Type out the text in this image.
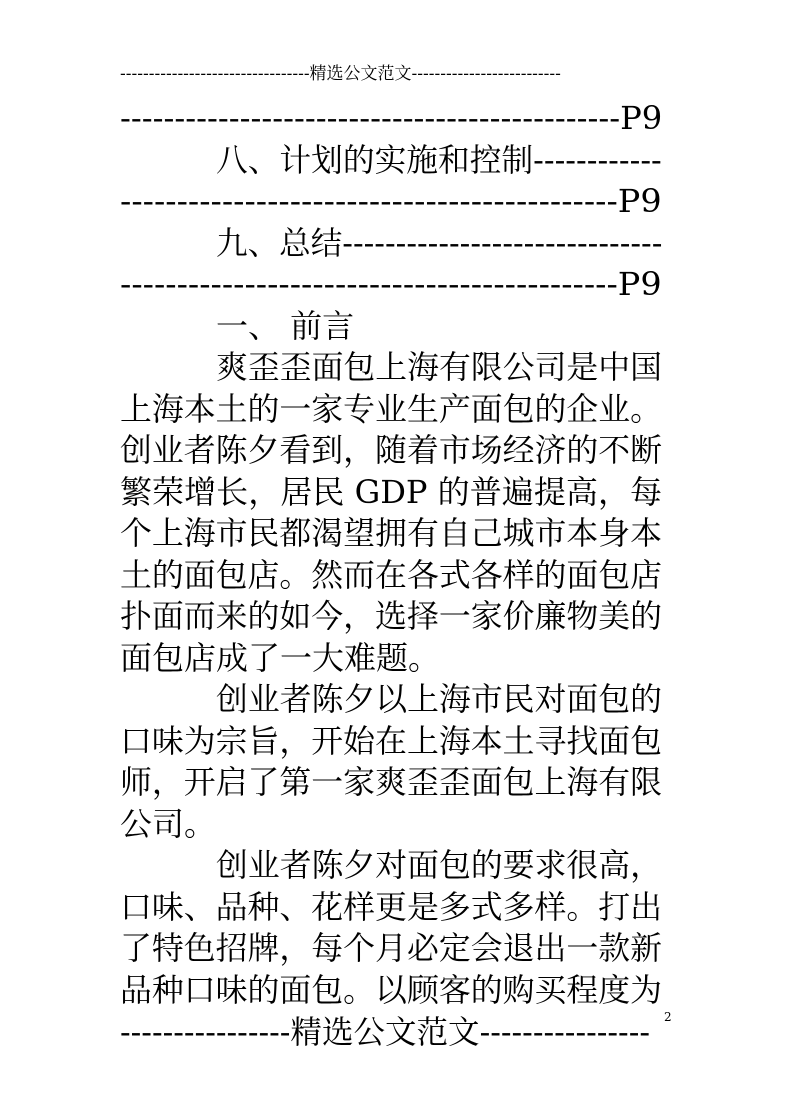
---------------------------------精选公文范文--------------------------
----------------------------------------------P9
八、计划的实施和控制------------
--------------------------------------------P9
九、总结------------------------------
--------------------------------------------P9
一、 前言
爽歪歪面包上海有限公司是中国
上海本土的一家专业生产面包的企业。
创业者陈夕看到，随着市场经济的不断
繁荣增长，居民 GDP 的普遍提高，每
个上海市民都渴望拥有自己城市本身本
土的面包店。然而在各式各样的面包店
扑面而来的如今，选择一家价廉物美的
面包店成了一大难题。
创业者陈夕以上海市民对面包的
口味为宗旨，开始在上海本土寻找面包
师，开启了第一家爽歪歪面包上海有限
公司。
创业者陈夕对面包的要求很高，
口味、品种、花样更是多式多样。打出
了特色招牌，每个月必定会退出一款新
品种口味的面包。以顾客的购买程度为
----------------精选公文范文---------------- 2
